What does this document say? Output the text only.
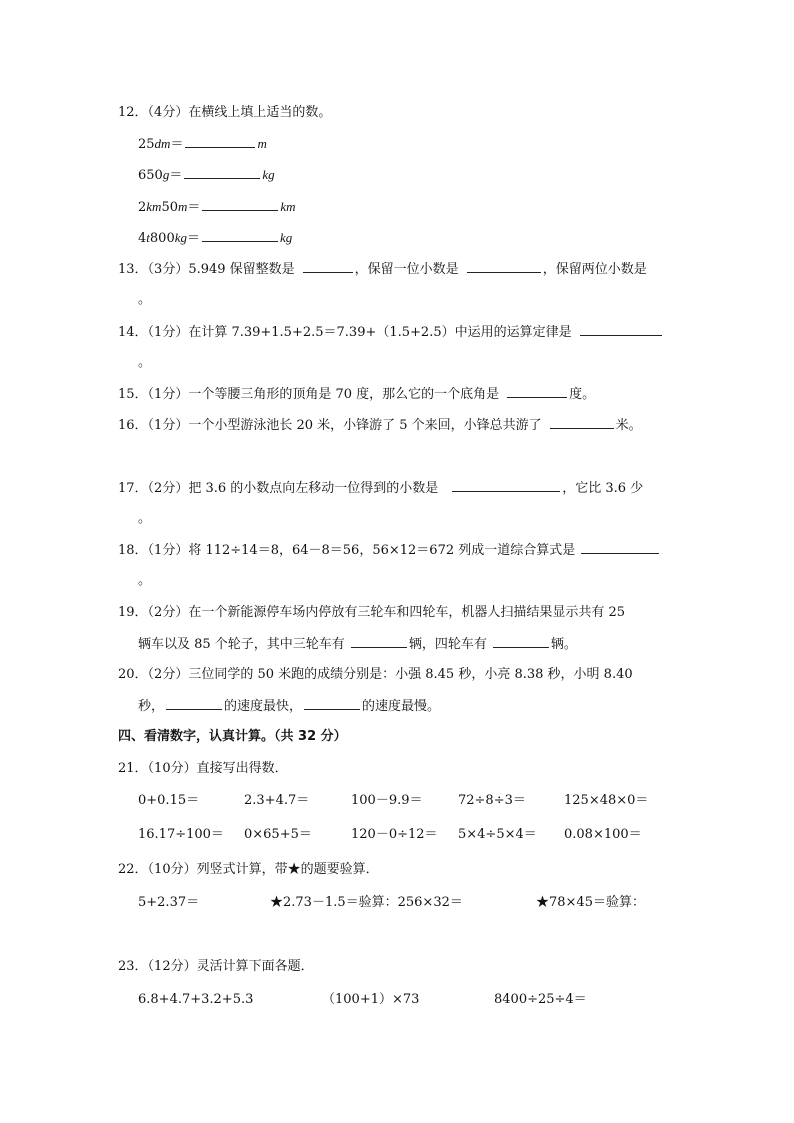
12．（4分）在横线上填上适当的数。
25dm＝	m
650g＝	kg
2km50m＝	km
4t800kg＝	kg
13．（3分）5.949 保留整数是	，保留一位小数是	，保留两位小数是
。
14．（1分）在计算 7.39+1.5+2.5＝7.39+（1.5+2.5）中运用的运算定律是
。
15．（1分）一个等腰三角形的顶角是 70 度，那么它的一个底角是	度。
16．（1分）一个小型游泳池长 20 米，小锋游了 5 个来回，小锋总共游了	米。
17．（2分）把 3.6 的小数点向左移动一位得到的小数是	，它比 3.6 少
。
18．（1分）将 112÷14＝8，64－8＝56，56×12＝672 列成一道综合算式是
。
19．（2分）在一个新能源停车场内停放有三轮车和四轮车，机器人扫描结果显示共有 25
辆车以及 85 个轮子，其中三轮车有	辆，四轮车有	辆。
20．（2分）三位同学的 50 米跑的成绩分别是：小强 8.45 秒，小亮 8.38 秒，小明 8.40
秒，	的速度最快，	的速度最慢。
四、看清数字，认真计算。（共 32 分）
21．（10分）直接写出得数．
0+0.15＝	2.3+4.7＝	100－9.9＝	72÷8÷3＝	125×48×0＝
16.17÷100＝ 0×65+5＝	120－0÷12＝ 5×4÷5×4＝ 0.08×100＝
22．（10分）列竖式计算，带★的题要验算．
5+2.37＝	★2.73－1.5＝验算：256×32＝	★78×45＝验算：
23．（12分）灵活计算下面各题．
6.8+4.7+3.2+5.3	（100+1）×73	8400÷25÷4＝
